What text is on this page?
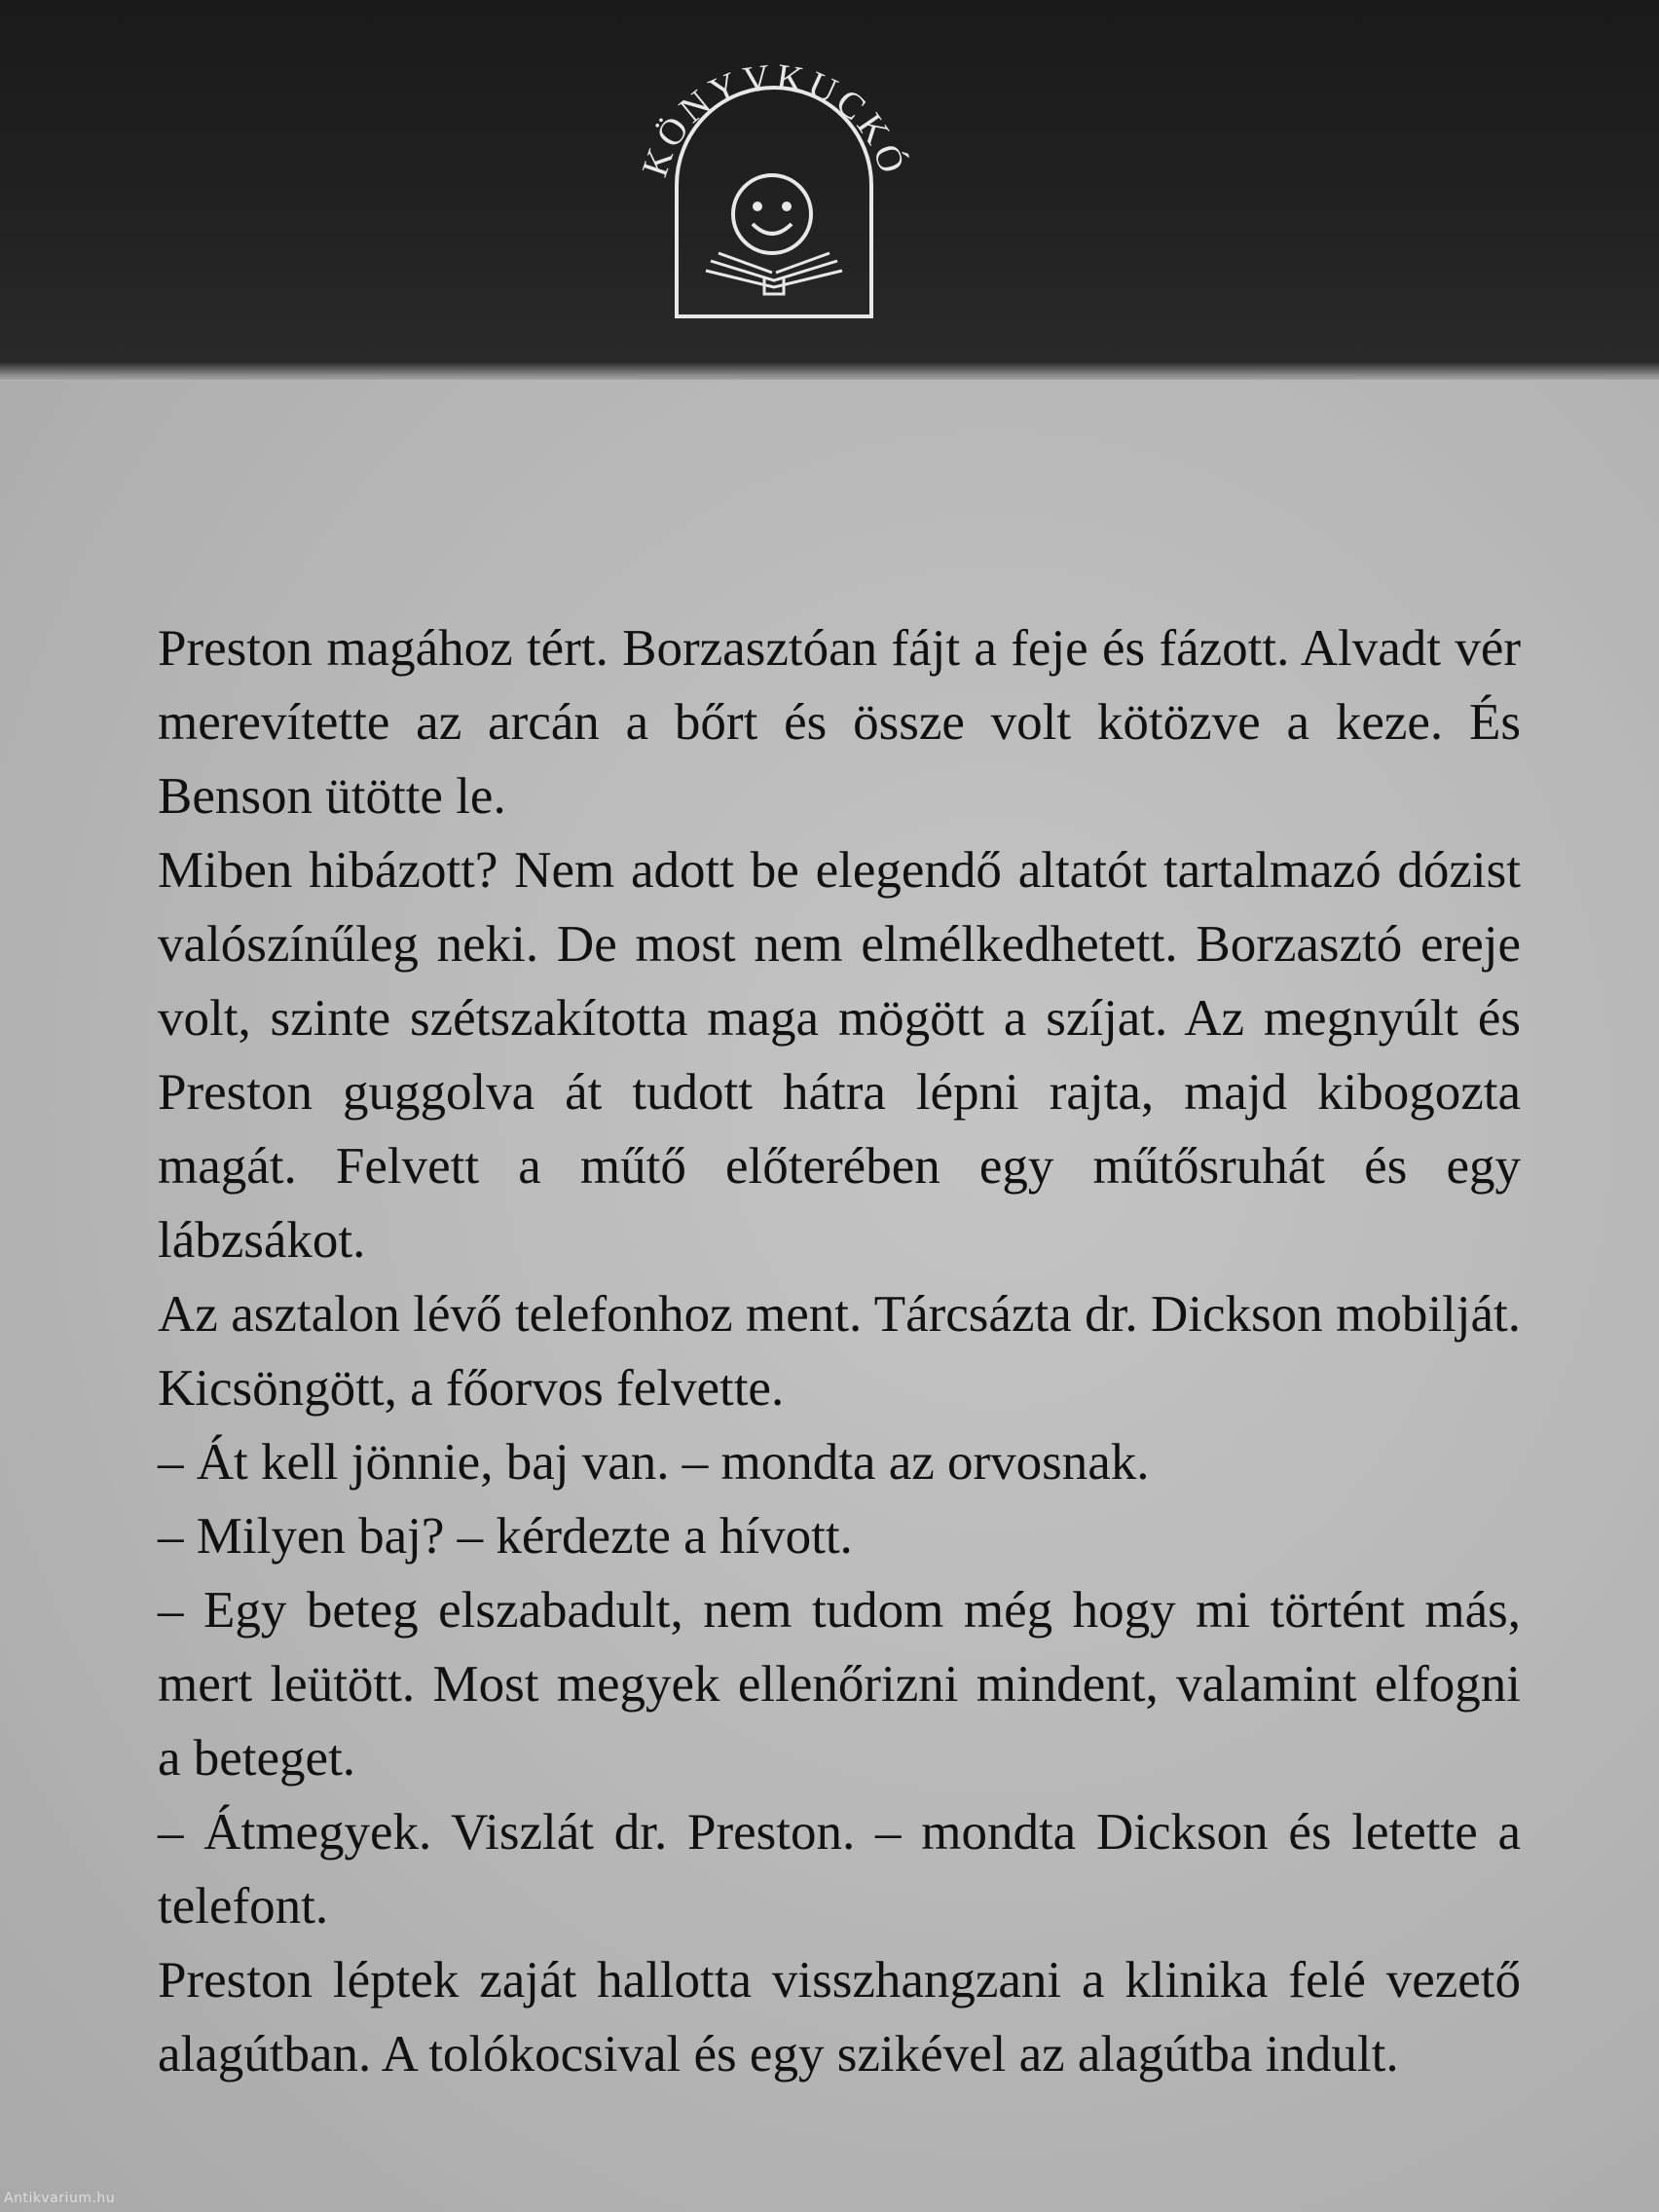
KÖNYVKUCKÓ

Preston magához tért. Borzasztóan fájt a feje és fázott. Alvadt vér merevítette az arcán a bőrt és össze volt kötözve a keze. És Benson ütötte le.

Miben hibázott? Nem adott be elegendő altatót tartalmazó dózist valószínűleg neki. De most nem elmélkedhetett. Borzasztó ereje volt, szinte szétszakította maga mögött a szíjat. Az megnyúlt és Preston guggolva át tudott hátra lépni rajta, majd kibogozta magát. Felvett a műtő előterében egy műtősruhát és egy lábzsákot.

Az asztalon lévő telefonhoz ment. Tárcsázta dr. Dickson mobilját. Kicsöngött, a főorvos felvette.

– Át kell jönnie, baj van. – mondta az orvosnak.

– Milyen baj? – kérdezte a hívott.

– Egy beteg elszabadult, nem tudom még hogy mi történt más, mert leütött. Most megyek ellenőrizni mindent, valamint elfogni a beteget.

– Átmegyek. Viszlát dr. Preston. – mondta Dickson és letette a telefont.

Preston léptek zaját hallotta visszhangzani a klinika felé vezető alagútban. A tolókocsival és egy szikével az alagútba indult.

Antikvarium.hu
